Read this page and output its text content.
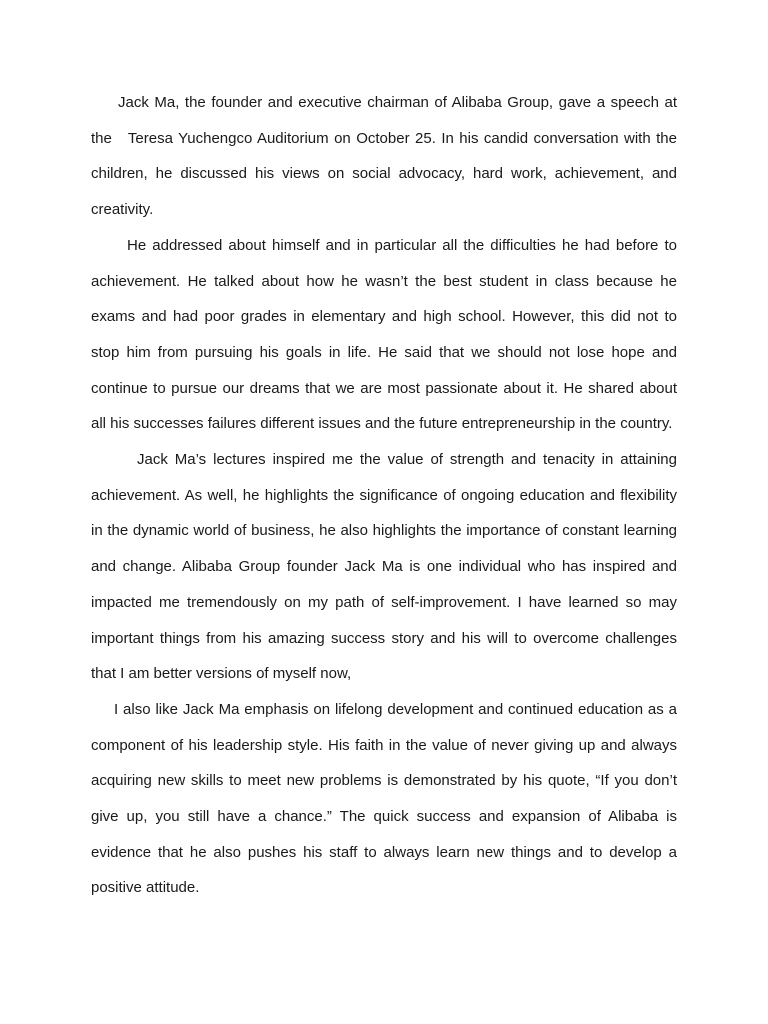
Jack Ma, the founder and executive chairman of Alibaba Group, gave a speech at the   Teresa Yuchengco Auditorium on October 25. In his candid conversation with the children, he discussed his views on social advocacy, hard work, achievement, and creativity.

He addressed about himself and in particular all the difficulties he had before to achievement. He talked about how he wasn’t the best student in class because he exams and had poor grades in elementary and high school. However, this did not to stop him from pursuing his goals in life. He said that we should not lose hope and continue to pursue our dreams that we are most passionate about it. He shared about all his successes failures different issues and the future entrepreneurship in the country.

Jack Ma’s lectures inspired me the value of strength and tenacity in attaining achievement. As well, he highlights the significance of ongoing education and flexibility in the dynamic world of business, he also highlights the importance of constant learning and change. Alibaba Group founder Jack Ma is one individual who has inspired and impacted me tremendously on my path of self-improvement. I have learned so may important things from his amazing success story and his will to overcome challenges that I am better versions of myself now,

I also like Jack Ma emphasis on lifelong development and continued education as a component of his leadership style. His faith in the value of never giving up and always acquiring new skills to meet new problems is demonstrated by his quote, “If you don’t give up, you still have a chance.” The quick success and expansion of Alibaba is evidence that he also pushes his staff to always learn new things and to develop a positive attitude.
